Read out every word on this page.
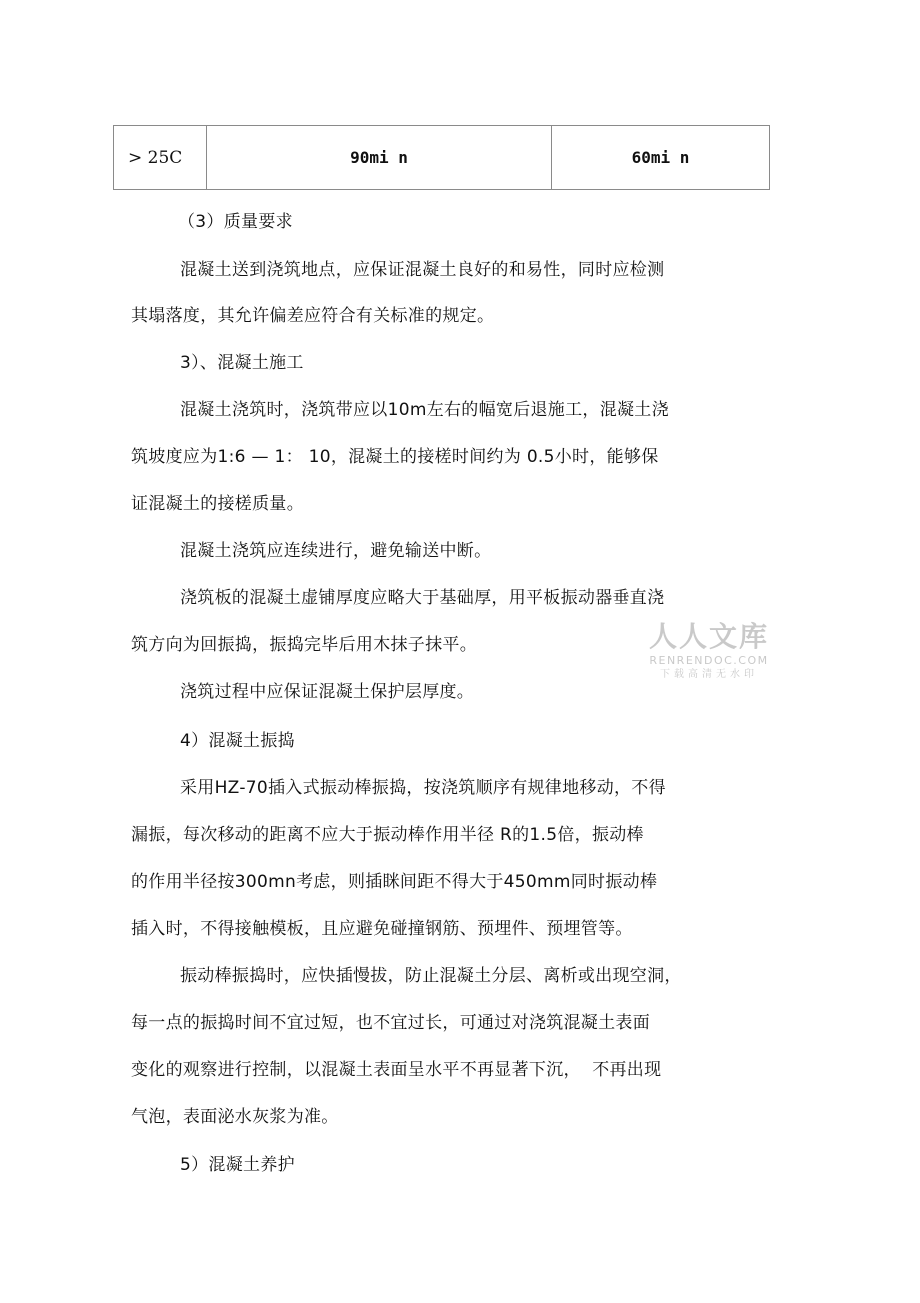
> 25C	90mi n	60mi n
（3）质量要求
混凝土送到浇筑地点，应保证混凝土良好的和易性，同时应检测
其塌落度，其允许偏差应符合有关标准的规定。
3）、混凝土施工
混凝土浇筑时，浇筑带应以10m左右的幅宽后退施工，混凝土浇
筑坡度应为1:6 — 1： 10，混凝土的接槎时间约为 0.5小时，能够保
证混凝土的接槎质量。
混凝土浇筑应连续进行，避免输送中断。
浇筑板的混凝土虚铺厚度应略大于基础厚，用平板振动器垂直浇
筑方向为回振捣，振捣完毕后用木抹子抹平。
浇筑过程中应保证混凝土保护层厚度。
4）混凝土振捣
采用HZ-70插入式振动棒振捣，按浇筑顺序有规律地移动，不得
漏振，每次移动的距离不应大于振动棒作用半径 R的1.5倍，振动棒
的作用半径按300mn考虑，则插眯间距不得大于450mm同时振动棒
插入时，不得接触模板，且应避免碰撞钢筋、预埋件、预埋管等。
振动棒振捣时，应快插慢拔，防止混凝土分层、离析或出现空洞，
每一点的振捣时间不宜过短，也不宜过长，可通过对浇筑混凝土表面
变化的观察进行控制，以混凝土表面呈水平不再显著下沉，  不再出现
气泡，表面泌水灰浆为准。
5）混凝土养护
人人文库
RENRENDOC.COM
下载高清无水印
